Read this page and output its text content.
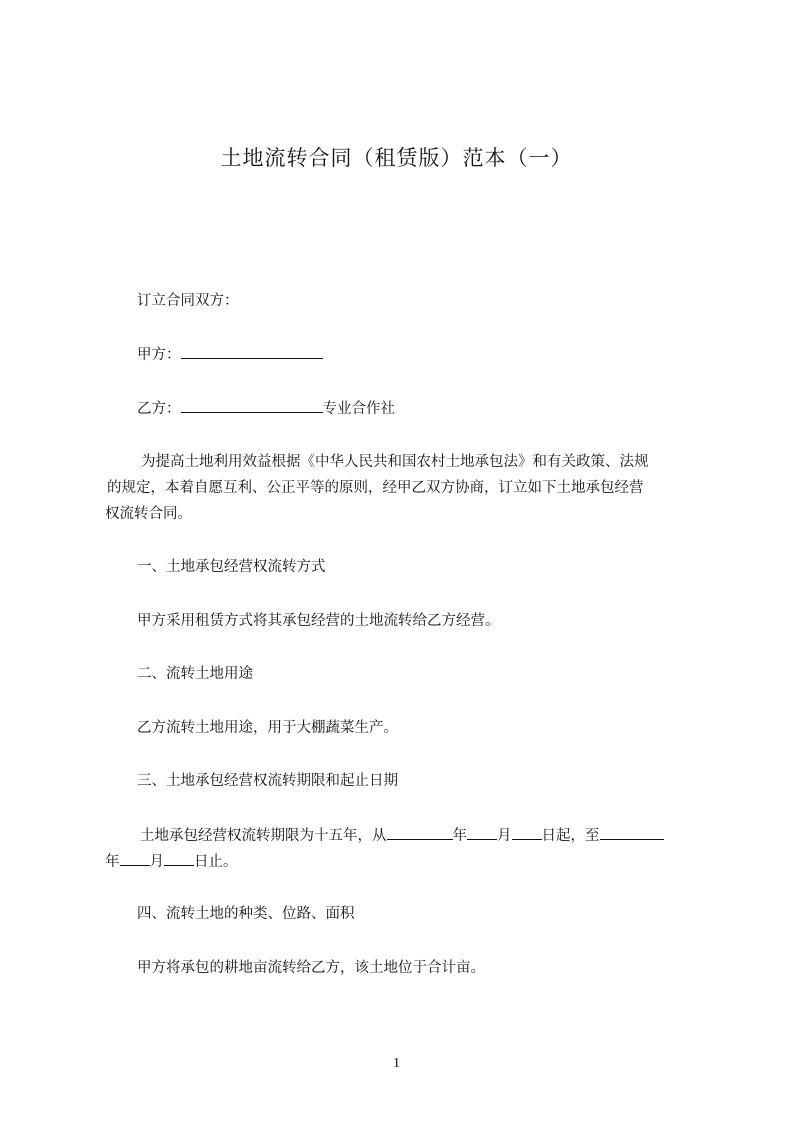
土地流转合同（租赁版）范本（一）
订立合同双方：
甲方：
乙方：	专业合作社
为提高土地利用效益根据《中华人民共和国农村土地承包法》和有关政策、法规
的规定，本着自愿互利、公正平等的原则，经甲乙双方协商，订立如下土地承包经营
权流转合同。
一、土地承包经营权流转方式
甲方采用租赁方式将其承包经营的土地流转给乙方经营。
二、流转土地用途
乙方流转土地用途，用于大棚蔬菜生产。
三、土地承包经营权流转期限和起止日期
土地承包经营权流转期限为十五年，从	年 月 日起，至
年 月 日止。
四、流转土地的种类、位路、面积
甲方将承包的耕地亩流转给乙方，该土地位于合计亩。
1
